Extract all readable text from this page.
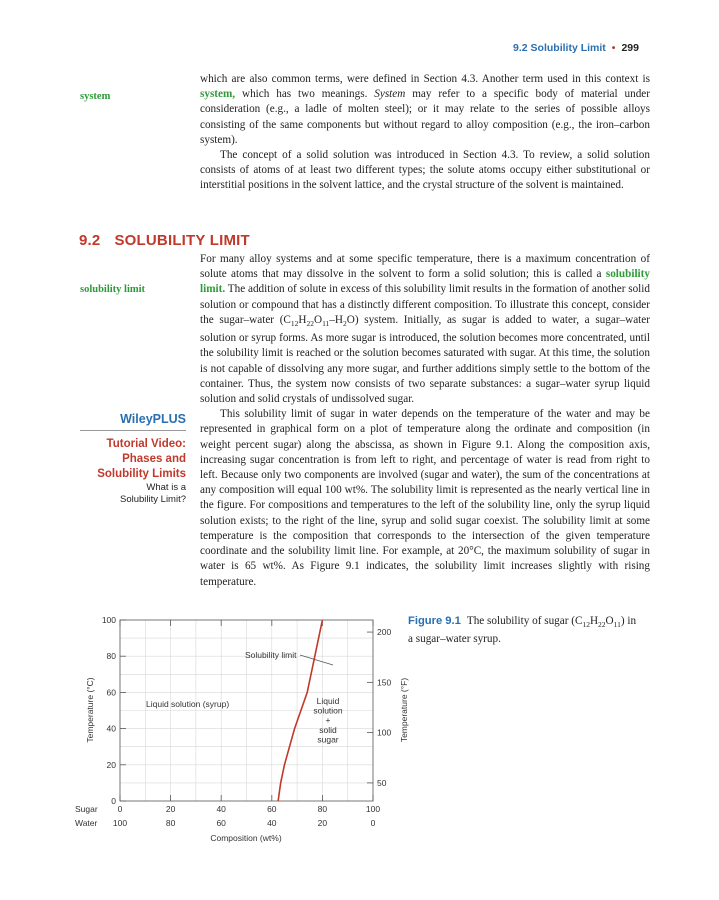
9.2 Solubility Limit • 299
system

which are also common terms, were defined in Section 4.3. Another term used in this context is system, which has two meanings. System may refer to a specific body of material under consideration (e.g., a ladle of molten steel); or it may relate to the series of possible alloys consisting of the same components but without regard to alloy composition (e.g., the iron–carbon system).

The concept of a solid solution was introduced in Section 4.3. To review, a solid solution consists of atoms of at least two different types; the solute atoms occupy either substitutional or interstitial positions in the solvent lattice, and the crystal structure of the solvent is maintained.

9.2 SOLUBILITY LIMIT
solubility limit

For many alloy systems and at some specific temperature, there is a maximum concentration of solute atoms that may dissolve in the solvent to form a solid solution; this is called a solubility limit. The addition of solute in excess of this solubility limit results in the formation of another solid solution or compound that has a distinctly different composition. To illustrate this concept, consider the sugar–water $(C_{12}H_{22}O_{11}-H_2O)$ system. Initially, as sugar is added to water, a sugar–water solution or syrup forms. As more sugar is introduced, the solution becomes more concentrated, until the solubility limit is reached or the solution becomes saturated with sugar. At this time, the solution is not capable of dissolving any more sugar, and further additions simply settle to the bottom of the container. Thus, the system now consists of two separate substances: a sugar–water syrup liquid solution and solid crystals of undissolved sugar.

This solubility limit of sugar in water depends on the temperature of the water and may be represented in graphical form on a plot of temperature along the ordinate and composition (in weight percent sugar) along the abscissa, as shown in Figure 9.1. Along the composition axis, increasing sugar concentration is from left to right, and percentage of water is read from right to left. Because only two components are involved (sugar and water), the sum of the concentrations at any composition will equal 100 wt%. The solubility limit is represented as the nearly vertical line in the figure. For compositions and temperatures to the left of the solubility line, only the syrup liquid solution exists; to the right of the line, syrup and solid sugar coexist. The solubility limit at some temperature is the composition that corresponds to the intersection of the given temperature coordinate and the solubility limit line. For example, at 20°C, the maximum solubility of sugar in water is 65 wt%. As Figure 9.1 indicates, the solubility limit increases slightly with rising temperature.

WileyPLUS
Tutorial Video:
Phases and
Solubility Limits
What is a
Solubility Limit?
0
100
20
80
40
60
60
40
80
20
100
0
0
20
40
60
80
100
50
100
150
200
Solubility limit
Liquid solution (syrup)	Liquid
solution
+
solid
sugar
Composition (wt%)
Temperature (°C)	Temperature (°F)
Sugar
Water
Figure 9.1 The solubility of sugar $(C_{12}H_{22}O_{11})$ in a sugar–water syrup.
